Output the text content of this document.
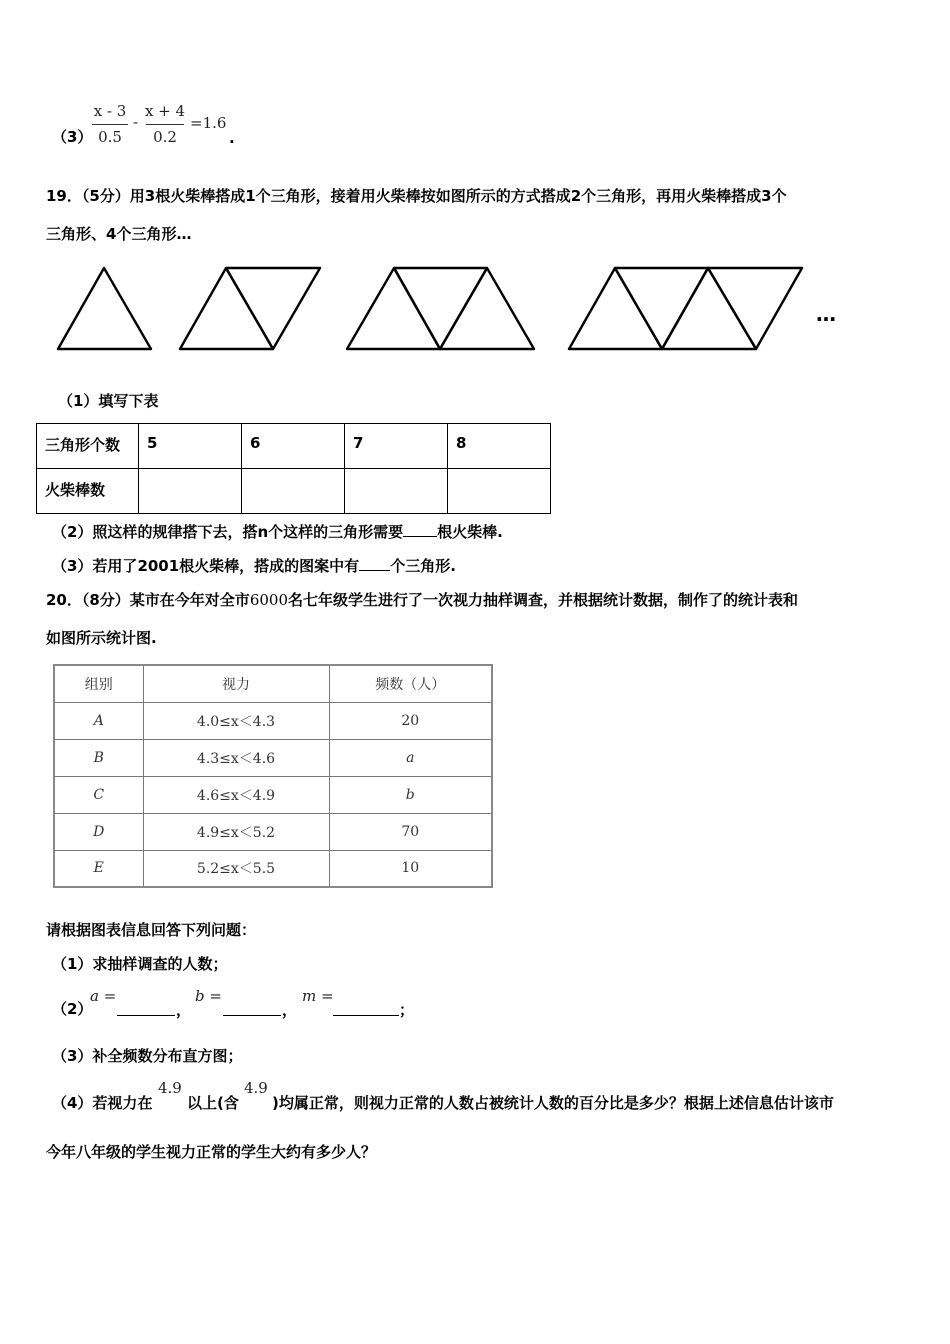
（3）
x - 3
0.5
-
x + 4
0.2
=1.6
.
19．（5分）用3根火柴棒搭成1个三角形，接着用火柴棒按如图所示的方式搭成2个三角形，再用火柴棒搭成3个
三角形、4个三角形…
…
（1）填写下表
三角形个数	5	6	7	8
火柴棒数				
（2）照这样的规律搭下去，搭n个这样的三角形需要 根火柴棒.
（3）若用了2001根火柴棒，搭成的图案中有 个三角形.
20．（8分）某市在今年对全市6000名七年级学生进行了一次视力抽样调查，并根据统计数据，制作了的统计表和
如图所示统计图.
组别	视力	频数（人）
A	4.0≤x＜4.3	20
B	4.3≤x＜4.6	a
C	4.6≤x＜4.9	b
D	4.9≤x＜5.2	70
E	5.2≤x＜5.5	10
请根据图表信息回答下列问题：
（1）求抽样调查的人数；
（2）
a =
，
b =
，
m =
；
（3）补全频数分布直方图；
（4）若视力在
4.9
以上(含
4.9
)均属正常，则视力正常的人数占被统计人数的百分比是多少？根据上述信息估计该市
今年八年级的学生视力正常的学生大约有多少人？
